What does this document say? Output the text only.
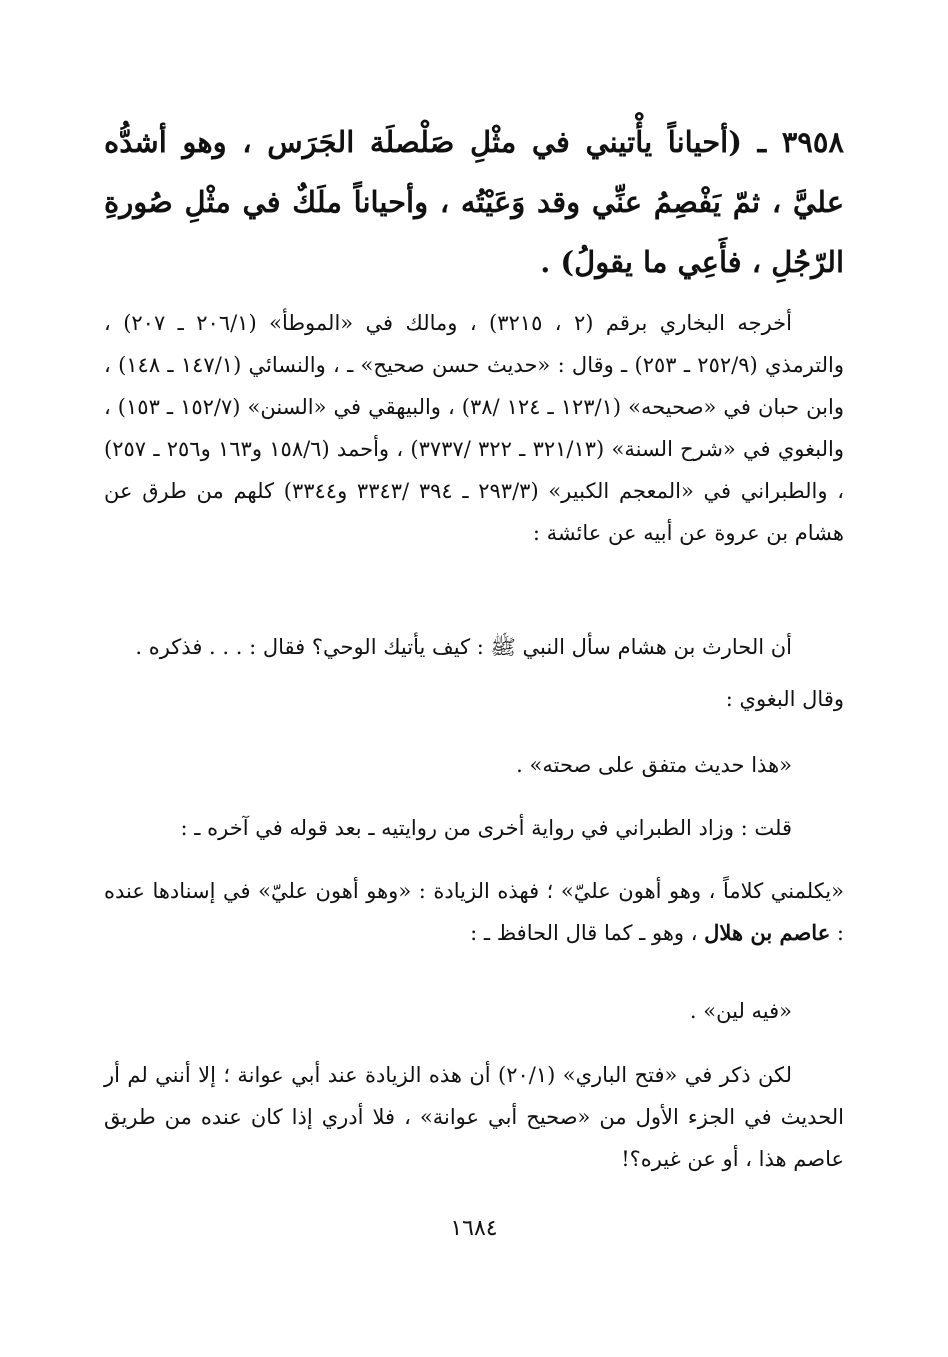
٣٩٥٨ ـ (أحياناً يأْتيني في مثْلِ صَلْصلَة الجَرَس ، وهو أشدُّه عليَّ ، ثمّ يَفْصِمُ عنِّي وقد وَعَيْتُه ، وأحياناً ملَكٌ في مثْلِ صُورةِ الرّجُلِ ، فأَعِي ما يقولُ) .
أخرجه البخاري برقم (٢ ، ٣٢١٥) ، ومالك في «الموطأ» (٢٠٦/١ ـ ٢٠٧) ، والترمذي (٢٥٢/٩ ـ ٢٥٣) ـ وقال : «حديث حسن صحيح» ـ ، والنسائي (١٤٧/١ ـ ١٤٨) ، وابن حبان في «صحيحه» (١٢٣/١ ـ ١٢٤ /٣٨) ، والبيهقي في «السنن» (١٥٢/٧ ـ ١٥٣) ، والبغوي في «شرح السنة» (٣٢١/١٣ ـ ٣٢٢ /٣٧٣٧) ، وأحمد (١٥٨/٦ و١٦٣ و٢٥٦ ـ ٢٥٧) ، والطبراني في «المعجم الكبير» (٢٩٣/٣ ـ ٣٩٤ /٣٣٤٣ و٣٣٤٤) كلهم من طرق عن هشام بن عروة عن أبيه عن عائشة :
أن الحارث بن هشام سأل النبي ﷺ : كيف يأتيك الوحي؟ فقال : . . . فذكره .
وقال البغوي :
«هذا حديث متفق على صحته» .
قلت : وزاد الطبراني في رواية أخرى من روايتيه ـ بعد قوله في آخره ـ :
«يكلمني كلاماً ، وهو أهون عليّ» ؛ فهذه الزيادة : «وهو أهون عليّ» في إسنادها عنده : عاصم بن هلال ، وهو ـ كما قال الحافظ ـ :
«فيه لين» .
لكن ذكر في «فتح الباري» (٢٠/١) أن هذه الزيادة عند أبي عوانة ؛ إلا أنني لم أر الحديث في الجزء الأول من «صحيح أبي عوانة» ، فلا أدري إذا كان عنده من طريق عاصم هذا ، أو عن غيره؟!
١٦٨٤
